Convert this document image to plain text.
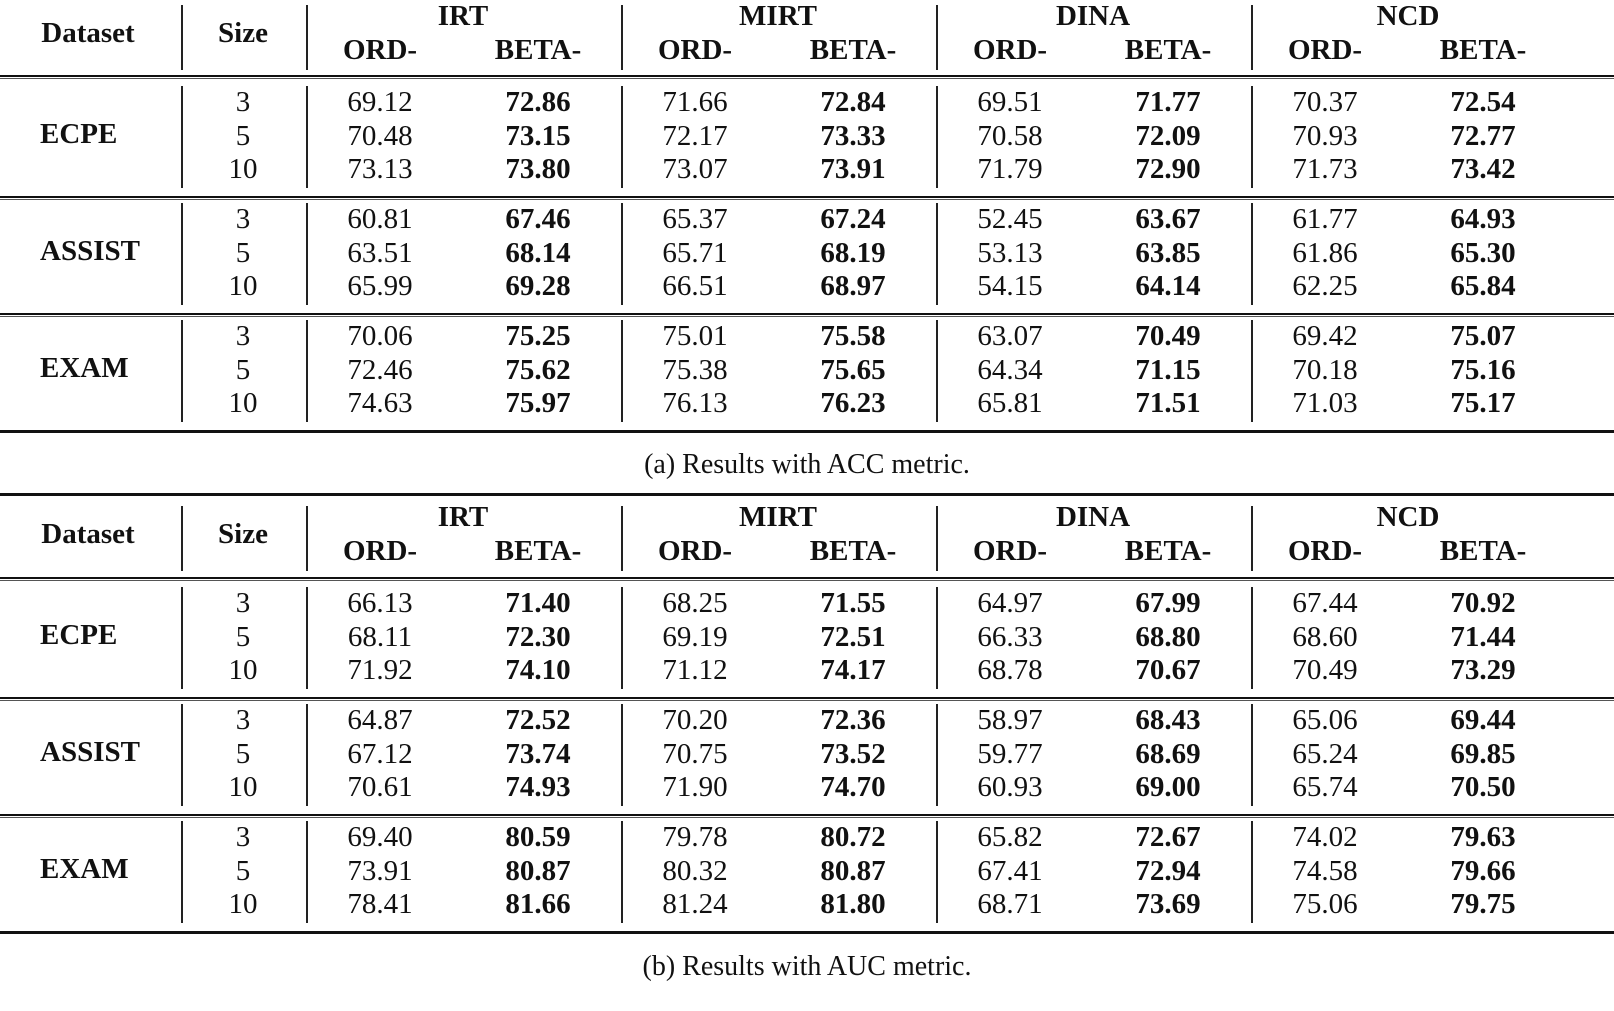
Dataset	Size
IRT	MIRT	DINA	NCD
ORD-	BETA-	ORD-	BETA-	ORD-	BETA-	ORD-	BETA-
ECPE
3	69.12	72.86	71.66	72.84	69.51	71.77	70.37	72.54
5	70.48	73.15	72.17	73.33	70.58	72.09	70.93	72.77
10	73.13	73.80	73.07	73.91	71.79	72.90	71.73	73.42
ASSIST
3	60.81	67.46	65.37	67.24	52.45	63.67	61.77	64.93
5	63.51	68.14	65.71	68.19	53.13	63.85	61.86	65.30
10	65.99	69.28	66.51	68.97	54.15	64.14	62.25	65.84
EXAM
3	70.06	75.25	75.01	75.58	63.07	70.49	69.42	75.07
5	72.46	75.62	75.38	75.65	64.34	71.15	70.18	75.16
10	74.63	75.97	76.13	76.23	65.81	71.51	71.03	75.17
(a) Results with ACC metric.
Dataset	Size
IRT	MIRT	DINA	NCD
ORD-	BETA-	ORD-	BETA-	ORD-	BETA-	ORD-	BETA-
ECPE
3	66.13	71.40	68.25	71.55	64.97	67.99	67.44	70.92
5	68.11	72.30	69.19	72.51	66.33	68.80	68.60	71.44
10	71.92	74.10	71.12	74.17	68.78	70.67	70.49	73.29
ASSIST
3	64.87	72.52	70.20	72.36	58.97	68.43	65.06	69.44
5	67.12	73.74	70.75	73.52	59.77	68.69	65.24	69.85
10	70.61	74.93	71.90	74.70	60.93	69.00	65.74	70.50
EXAM
3	69.40	80.59	79.78	80.72	65.82	72.67	74.02	79.63
5	73.91	80.87	80.32	80.87	67.41	72.94	74.58	79.66
10	78.41	81.66	81.24	81.80	68.71	73.69	75.06	79.75
(b) Results with AUC metric.
